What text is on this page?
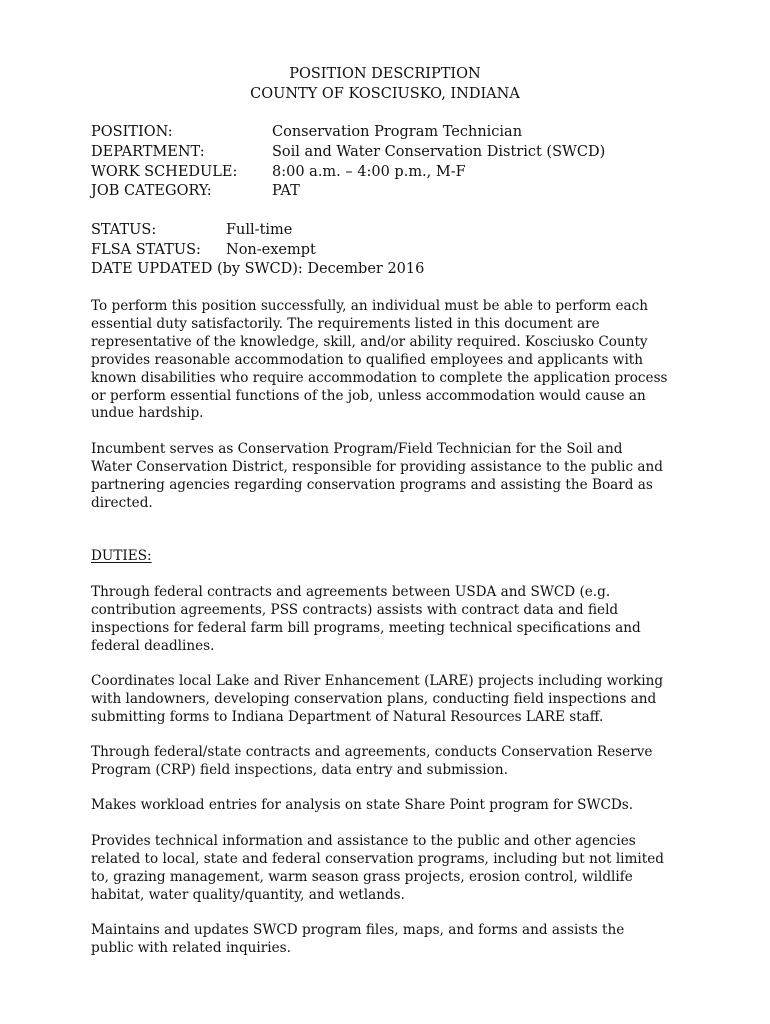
POSITION DESCRIPTION
COUNTY OF KOSCIUSKO, INDIANA
POSITION:	Conservation Program Technician
DEPARTMENT:	Soil and Water Conservation District (SWCD)
WORK SCHEDULE: 8:00 a.m. – 4:00 p.m., M-F
JOB CATEGORY:	PAT
STATUS:	Full-time
FLSA STATUS: Non-exempt
DATE UPDATED (by SWCD): December 2016
To perform this position successfully, an individual must be able to perform each
essential duty satisfactorily. The requirements listed in this document are
representative of the knowledge, skill, and/or ability required. Kosciusko County
provides reasonable accommodation to qualified employees and applicants with
known disabilities who require accommodation to complete the application process
or perform essential functions of the job, unless accommodation would cause an
undue hardship.
Incumbent serves as Conservation Program/Field Technician for the Soil and
Water Conservation District, responsible for providing assistance to the public and
partnering agencies regarding conservation programs and assisting the Board as
directed.
DUTIES:
Through federal contracts and agreements between USDA and SWCD (e.g.
contribution agreements, PSS contracts) assists with contract data and field
inspections for federal farm bill programs, meeting technical specifications and
federal deadlines.
Coordinates local Lake and River Enhancement (LARE) projects including working
with landowners, developing conservation plans, conducting field inspections and
submitting forms to Indiana Department of Natural Resources LARE staff.
Through federal/state contracts and agreements, conducts Conservation Reserve
Program (CRP) field inspections, data entry and submission.
Makes workload entries for analysis on state Share Point program for SWCDs.
Provides technical information and assistance to the public and other agencies
related to local, state and federal conservation programs, including but not limited
to, grazing management, warm season grass projects, erosion control, wildlife
habitat, water quality/quantity, and wetlands.
Maintains and updates SWCD program files, maps, and forms and assists the
public with related inquiries.
